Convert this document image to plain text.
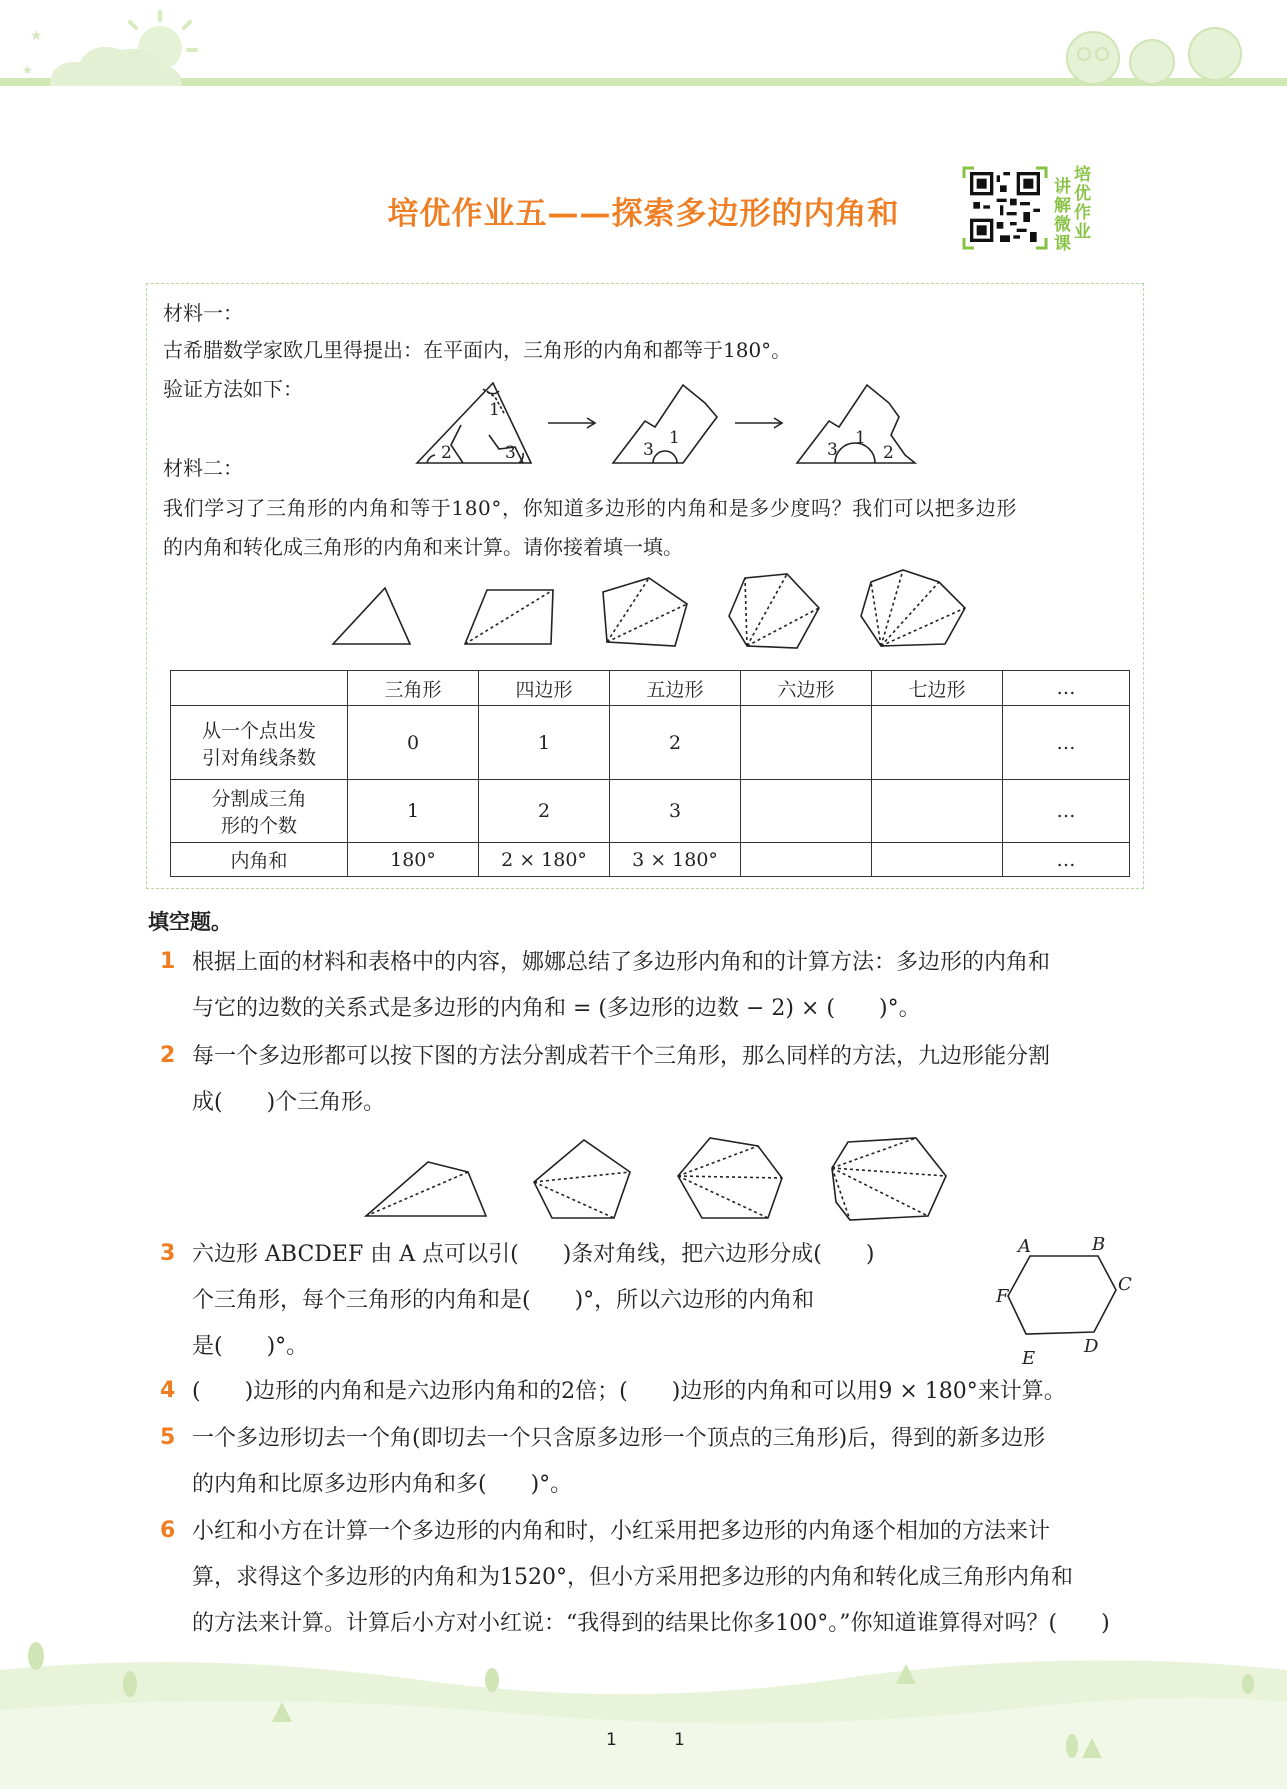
★
★
培优作业五——探索多边形的内角和
讲解微课
培优作业
材料一：
古希腊数学家欧几里得提出：在平面内，三角形的内角和都等于180°。
验证方法如下：
1
2	3	3
1
3
1
2
材料二：
我们学习了三角形的内角和等于180°，你知道多边形的内角和是多少度吗？我们可以把多边形
的内角和转化成三角形的内角和来计算。请你接着填一填。
	三角形	四边形	五边形	六边形	七边形	…

从一个点出发
引对角线条数	0	1	2			…

分割成三角
形的个数	1	2	3			…
内角和	180°	2 × 180°	3 × 180°			…
填空题。
1 根据上面的材料和表格中的内容，娜娜总结了多边形内角和的计算方法：多边形的内角和
与它的边数的关系式是多边形的内角和 = (多边形的边数 − 2) × (　　)°。
2 每一个多边形都可以按下图的方法分割成若干个三角形，那么同样的方法，九边形能分割
成(　　)个三角形。
3 六边形 ABCDEF 由 A 点可以引(　　)条对角线，把六边形分成(　　)
个三角形，每个三角形的内角和是(　　)°，所以六边形的内角和
是(　　)°。
A	B
C
D
E
F
4 (　　)边形的内角和是六边形内角和的2倍；(　　)边形的内角和可以用9 × 180°来计算。
5 一个多边形切去一个角(即切去一个只含原多边形一个顶点的三角形)后，得到的新多边形
的内角和比原多边形内角和多(　　)°。
6 小红和小方在计算一个多边形的内角和时，小红采用把多边形的内角逐个相加的方法来计
算，求得这个多边形的内角和为1520°，但小方采用把多边形的内角和转化成三角形内角和
的方法来计算。计算后小方对小红说：“我得到的结果比你多100°。”你知道谁算得对吗？(　　)
1	1
